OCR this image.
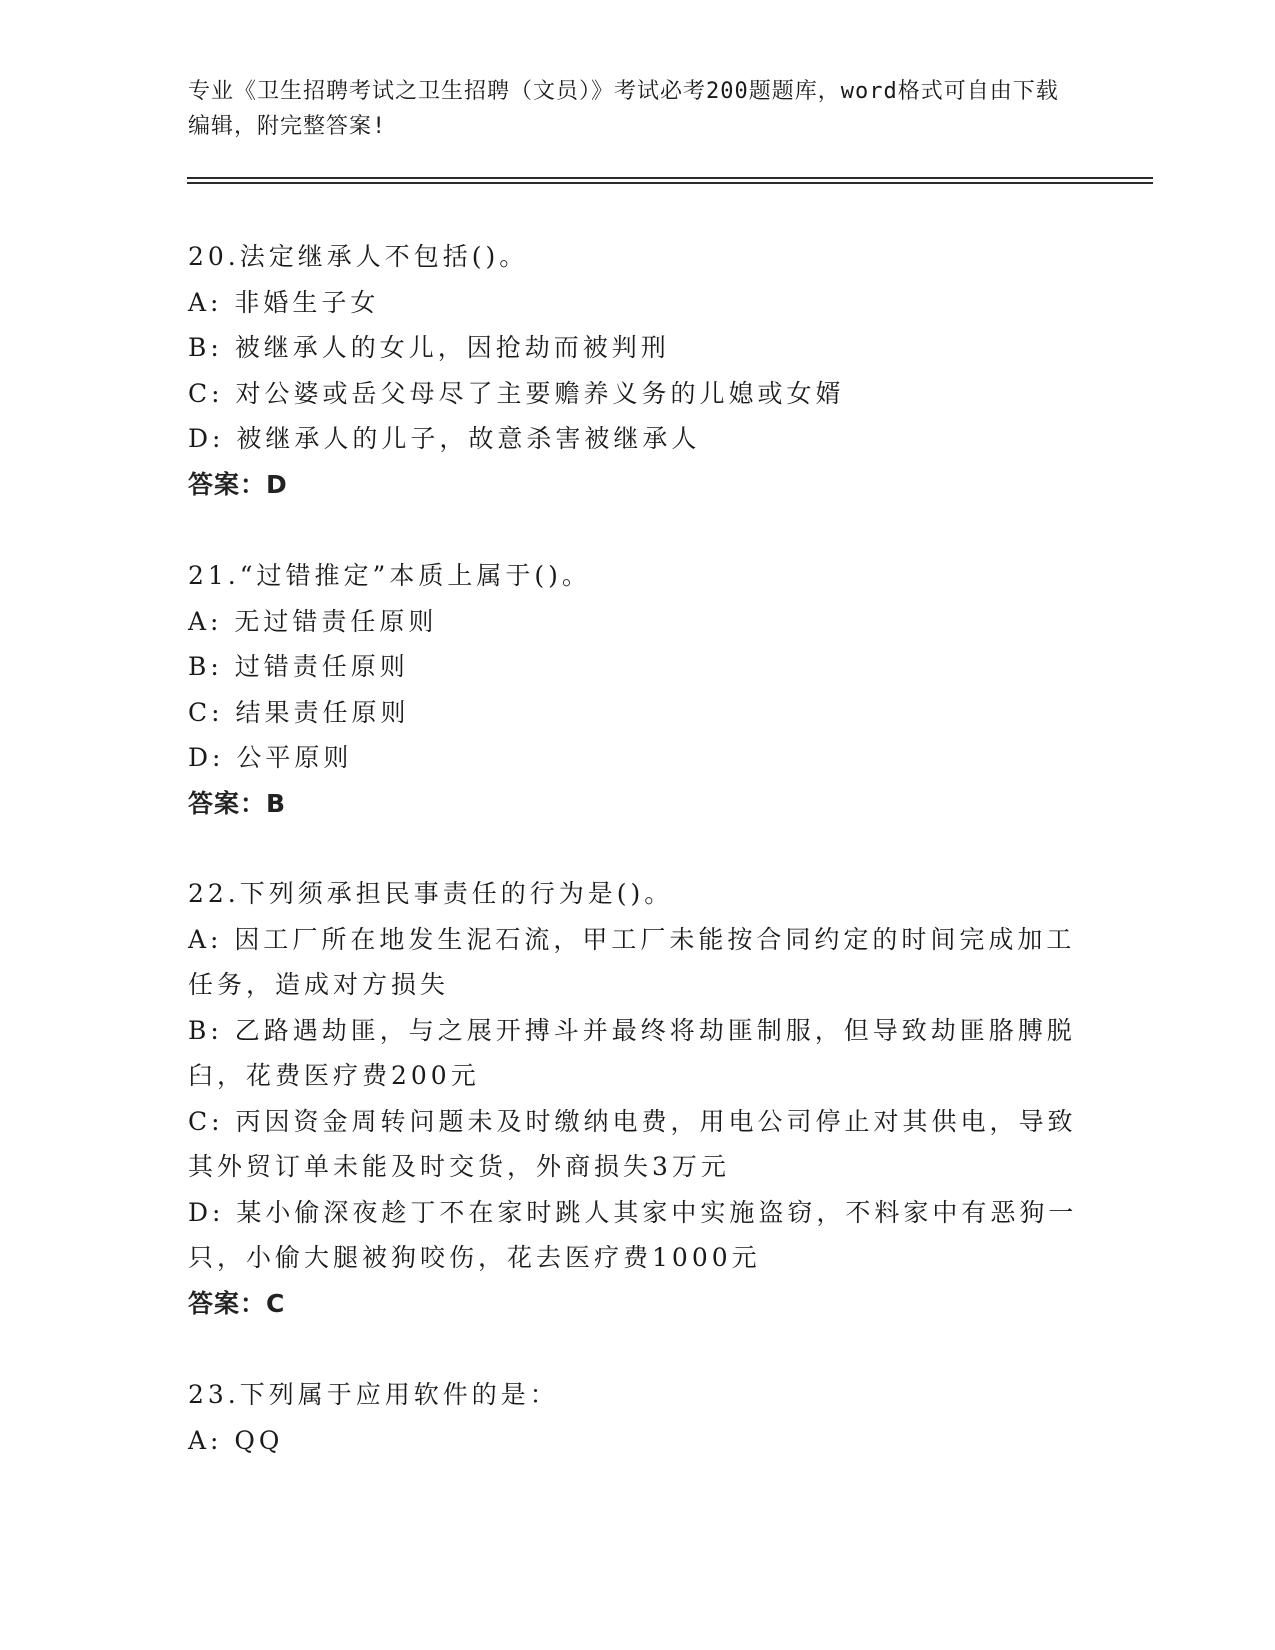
专业《卫生招聘考试之卫生招聘（文员）》考试必考200题题库，word格式可自由下载编辑，附完整答案!
20.法定继承人不包括()。
A: 非婚生子女
B: 被继承人的女儿，因抢劫而被判刑
C: 对公婆或岳父母尽了主要赡养义务的儿媳或女婿
D: 被继承人的儿子，故意杀害被继承人
答案：D
21.“过错推定”本质上属于()。
A: 无过错责任原则
B: 过错责任原则
C: 结果责任原则
D: 公平原则
答案：B
22.下列须承担民事责任的行为是()。
A: 因工厂所在地发生泥石流，甲工厂未能按合同约定的时间完成加工任务，造成对方损失
B: 乙路遇劫匪，与之展开搏斗并最终将劫匪制服，但导致劫匪胳膊脱臼，花费医疗费200元
C: 丙因资金周转问题未及时缴纳电费，用电公司停止对其供电，导致其外贸订单未能及时交货，外商损失3万元
D: 某小偷深夜趁丁不在家时跳人其家中实施盗窃，不料家中有恶狗一只，小偷大腿被狗咬伤，花去医疗费1000元
答案：C
23.下列属于应用软件的是：
A: QQ
